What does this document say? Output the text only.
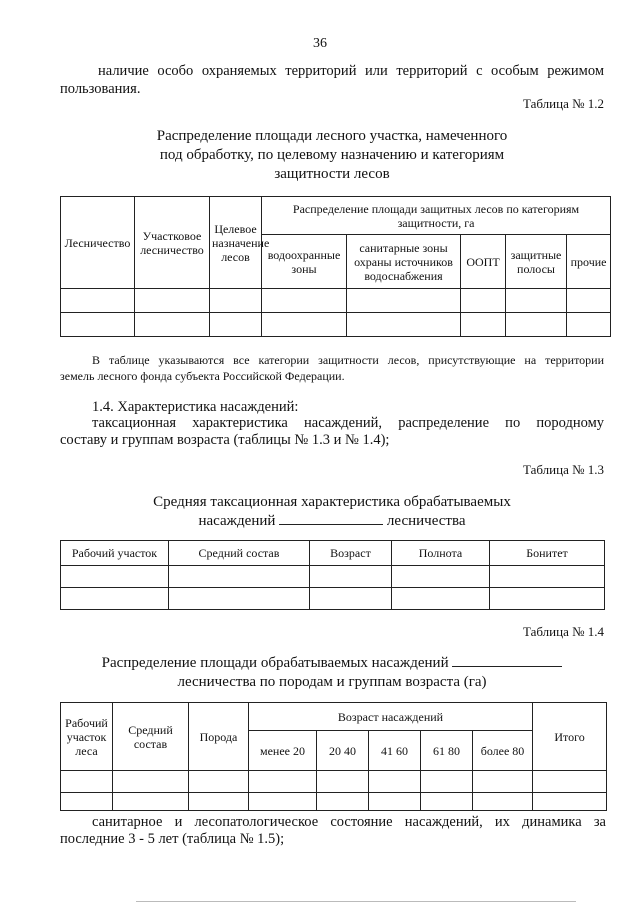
36
наличие особо охраняемых территорий или территорий с особым режимом
пользования.
Таблица № 1.2
Распределение площади лесного участка, намеченного
под обработку, по целевому назначению и категориям
защитности лесов
Лесничество	Участковое лесничество	Целевое назначение лесов	Распределение площади защитных лесов по категориям защитности, га				
			водоохранные зоны	санитарные зоны охраны источников водоснабжения	ООПТ	защитные полосы	прочие

В таблице указываются все категории защитности лесов, присутствующие на территории
земель лесного фонда субъекта Российской Федерации.
1.4. Характеристика насаждений:
таксационная характеристика насаждений, распределение по породному
составу и группам возраста (таблицы № 1.3 и № 1.4);
Таблица № 1.3
Средняя таксационная характеристика обрабатываемых
насаждений	лесничества
Рабочий участок	Средний состав	Возраст	Полнота	Бонитет

Таблица № 1.4
Распределение площади обрабатываемых насаждений
лесничества по породам и группам возраста (га)
Рабочий участок леса	Средний состав	Порода	Возраст насаждений					Итого
			менее 20	20 40	41 60	61 80	более 80	

санитарное и лесопатологическое состояние насаждений, их динамика за
последние 3 - 5 лет (таблица № 1.5);
